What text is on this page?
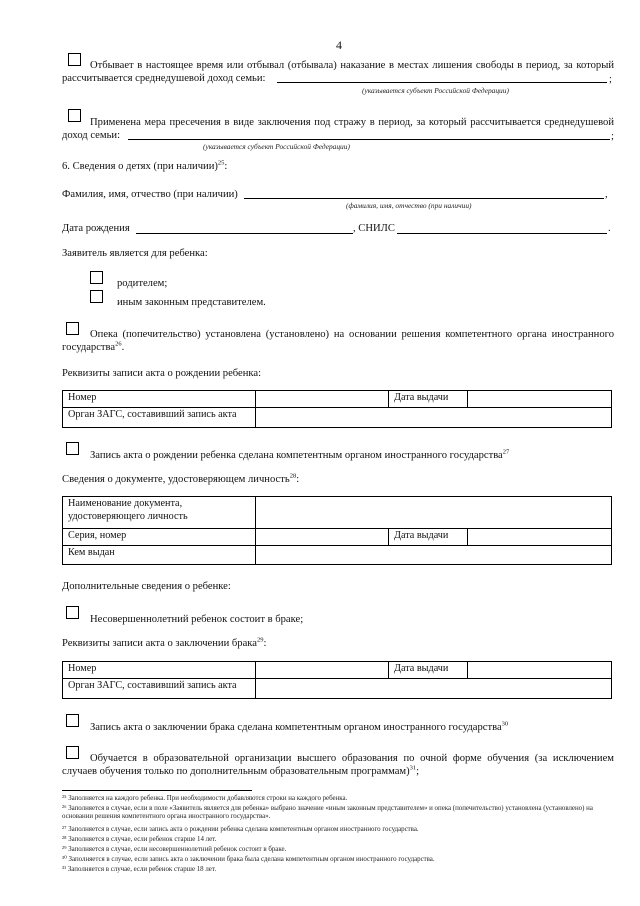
4
Отбывает в настоящее время или отбывал (отбывала) наказание в местах лишения свободы в период, за который рассчитывается среднедушевой доход семьи:	;
(указывается субъект Российской Федерации)
Применена мера пресечения в виде заключения под стражу в период, за который рассчитывается среднедушевой доход семьи:	;
(указывается субъект Российской Федерации)
6. Сведения о детях (при наличии)$^{25}$:
Фамилия, имя, отчество (при наличии)	,
(фамилия, имя, отчество (при наличии)
Дата рождения	, СНИЛС	.
Заявитель является для ребенка:
родителем;
иным законным представителем.
Опека (попечительство) установлена (установлено) на основании решения компетентного органа иностранного государства$^{26}$.
Реквизиты записи акта о рождении ребенка:
Номер		Дата выдачи	
Орган ЗАГС, составивший запись акта			
Запись акта о рождении ребенка сделана компетентным органом иностранного государства$^{27}$
Сведения о документе, удостоверяющем личность$^{28}$:
Наименование документа, удостоверяющего личность			
Серия, номер		Дата выдачи	
Кем выдан			
Дополнительные сведения о ребенке:
Несовершеннолетний ребенок состоит в браке;
Реквизиты записи акта о заключении брака$^{29}$:
Номер		Дата выдачи	
Орган ЗАГС, составивший запись акта			
Запись акта о заключении брака сделана компетентным органом иностранного государства$^{30}$
Обучается в образовательной организации высшего образования по очной форме обучения (за исключением случаев обучения только по дополнительным образовательным программам)$^{31}$;
²⁵ Заполняется на каждого ребенка. При необходимости добавляются строки на каждого ребенка.
²⁶ Заполняется в случае, если в поле «Заявитель является для ребенка» выбрано значение «иным законным представителем» и опека (попечительство) установлена (установлено) на основании решения компетентного органа иностранного государства».
²⁷ Заполняется в случае, если запись акта о рождении ребенка сделана компетентным органом иностранного государства.
²⁸ Заполняется в случае, если ребенок старше 14 лет.
²⁹ Заполняется в случае, если несовершеннолетний ребенок состоит в браке.
³⁰ Заполняется в случае, если запись акта о заключении брака была сделана компетентным органом иностранного государства.
³¹ Заполняется в случае, если ребенок старше 18 лет.
